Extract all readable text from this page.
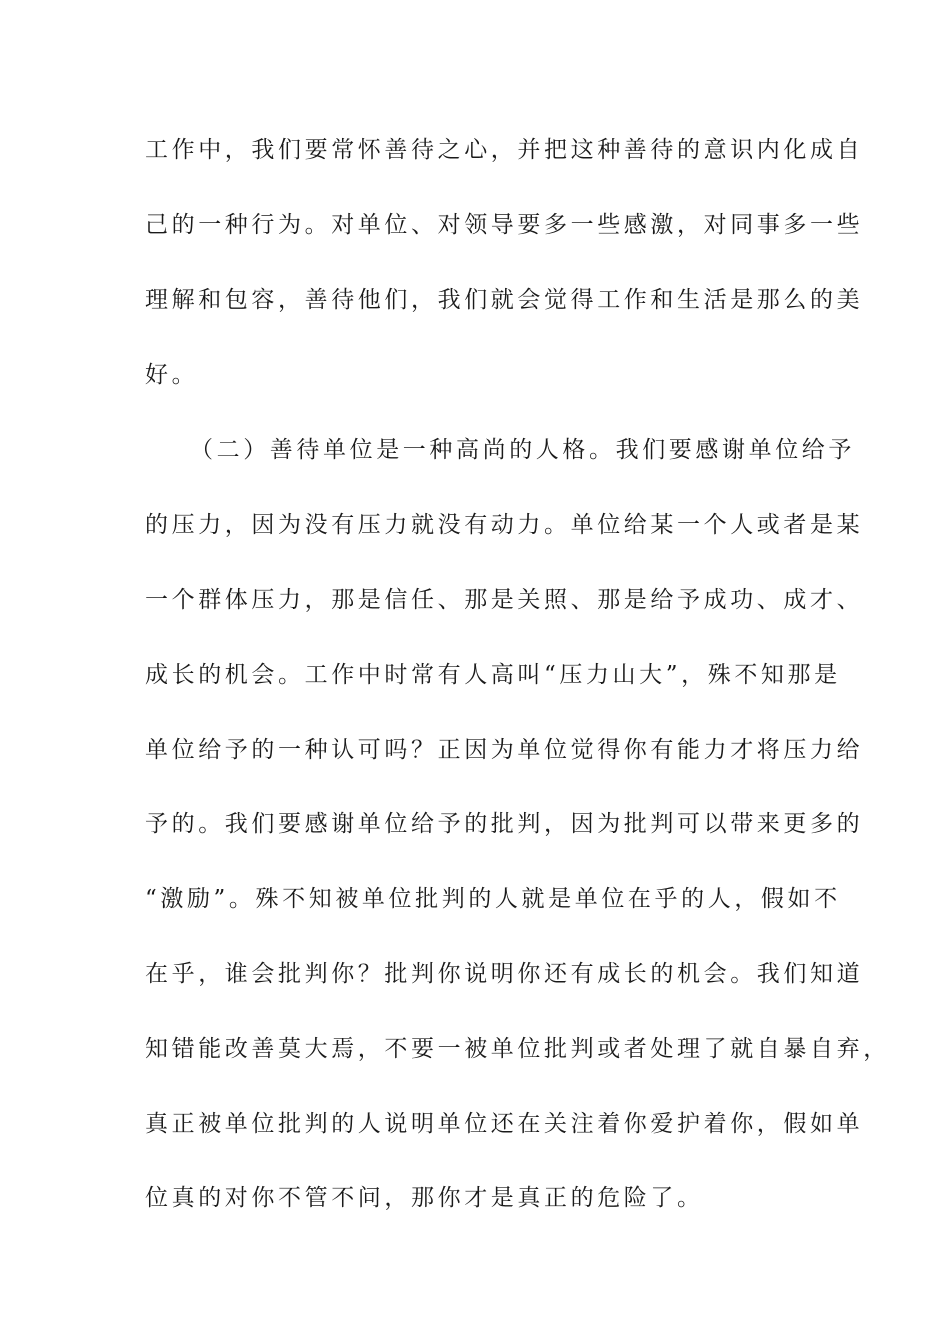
工作中，我们要常怀善待之心，并把这种善待的意识内化成自
己的一种行为。对单位、对领导要多一些感激，对同事多一些
理解和包容，善待他们，我们就会觉得工作和生活是那么的美
好。
（二）善待单位是一种高尚的人格。我们要感谢单位给予
的压力，因为没有压力就没有动力。单位给某一个人或者是某
一个群体压力，那是信任、那是关照、那是给予成功、成才、
成长的机会。工作中时常有人高叫“压力山大”，殊不知那是
单位给予的一种认可吗？正因为单位觉得你有能力才将压力给
予的。我们要感谢单位给予的批判，因为批判可以带来更多的
“激励”。殊不知被单位批判的人就是单位在乎的人，假如不
在乎，谁会批判你？批判你说明你还有成长的机会。我们知道
知错能改善莫大焉，不要一被单位批判或者处理了就自暴自弃，
真正被单位批判的人说明单位还在关注着你爱护着你，假如单
位真的对你不管不问，那你才是真正的危险了。
